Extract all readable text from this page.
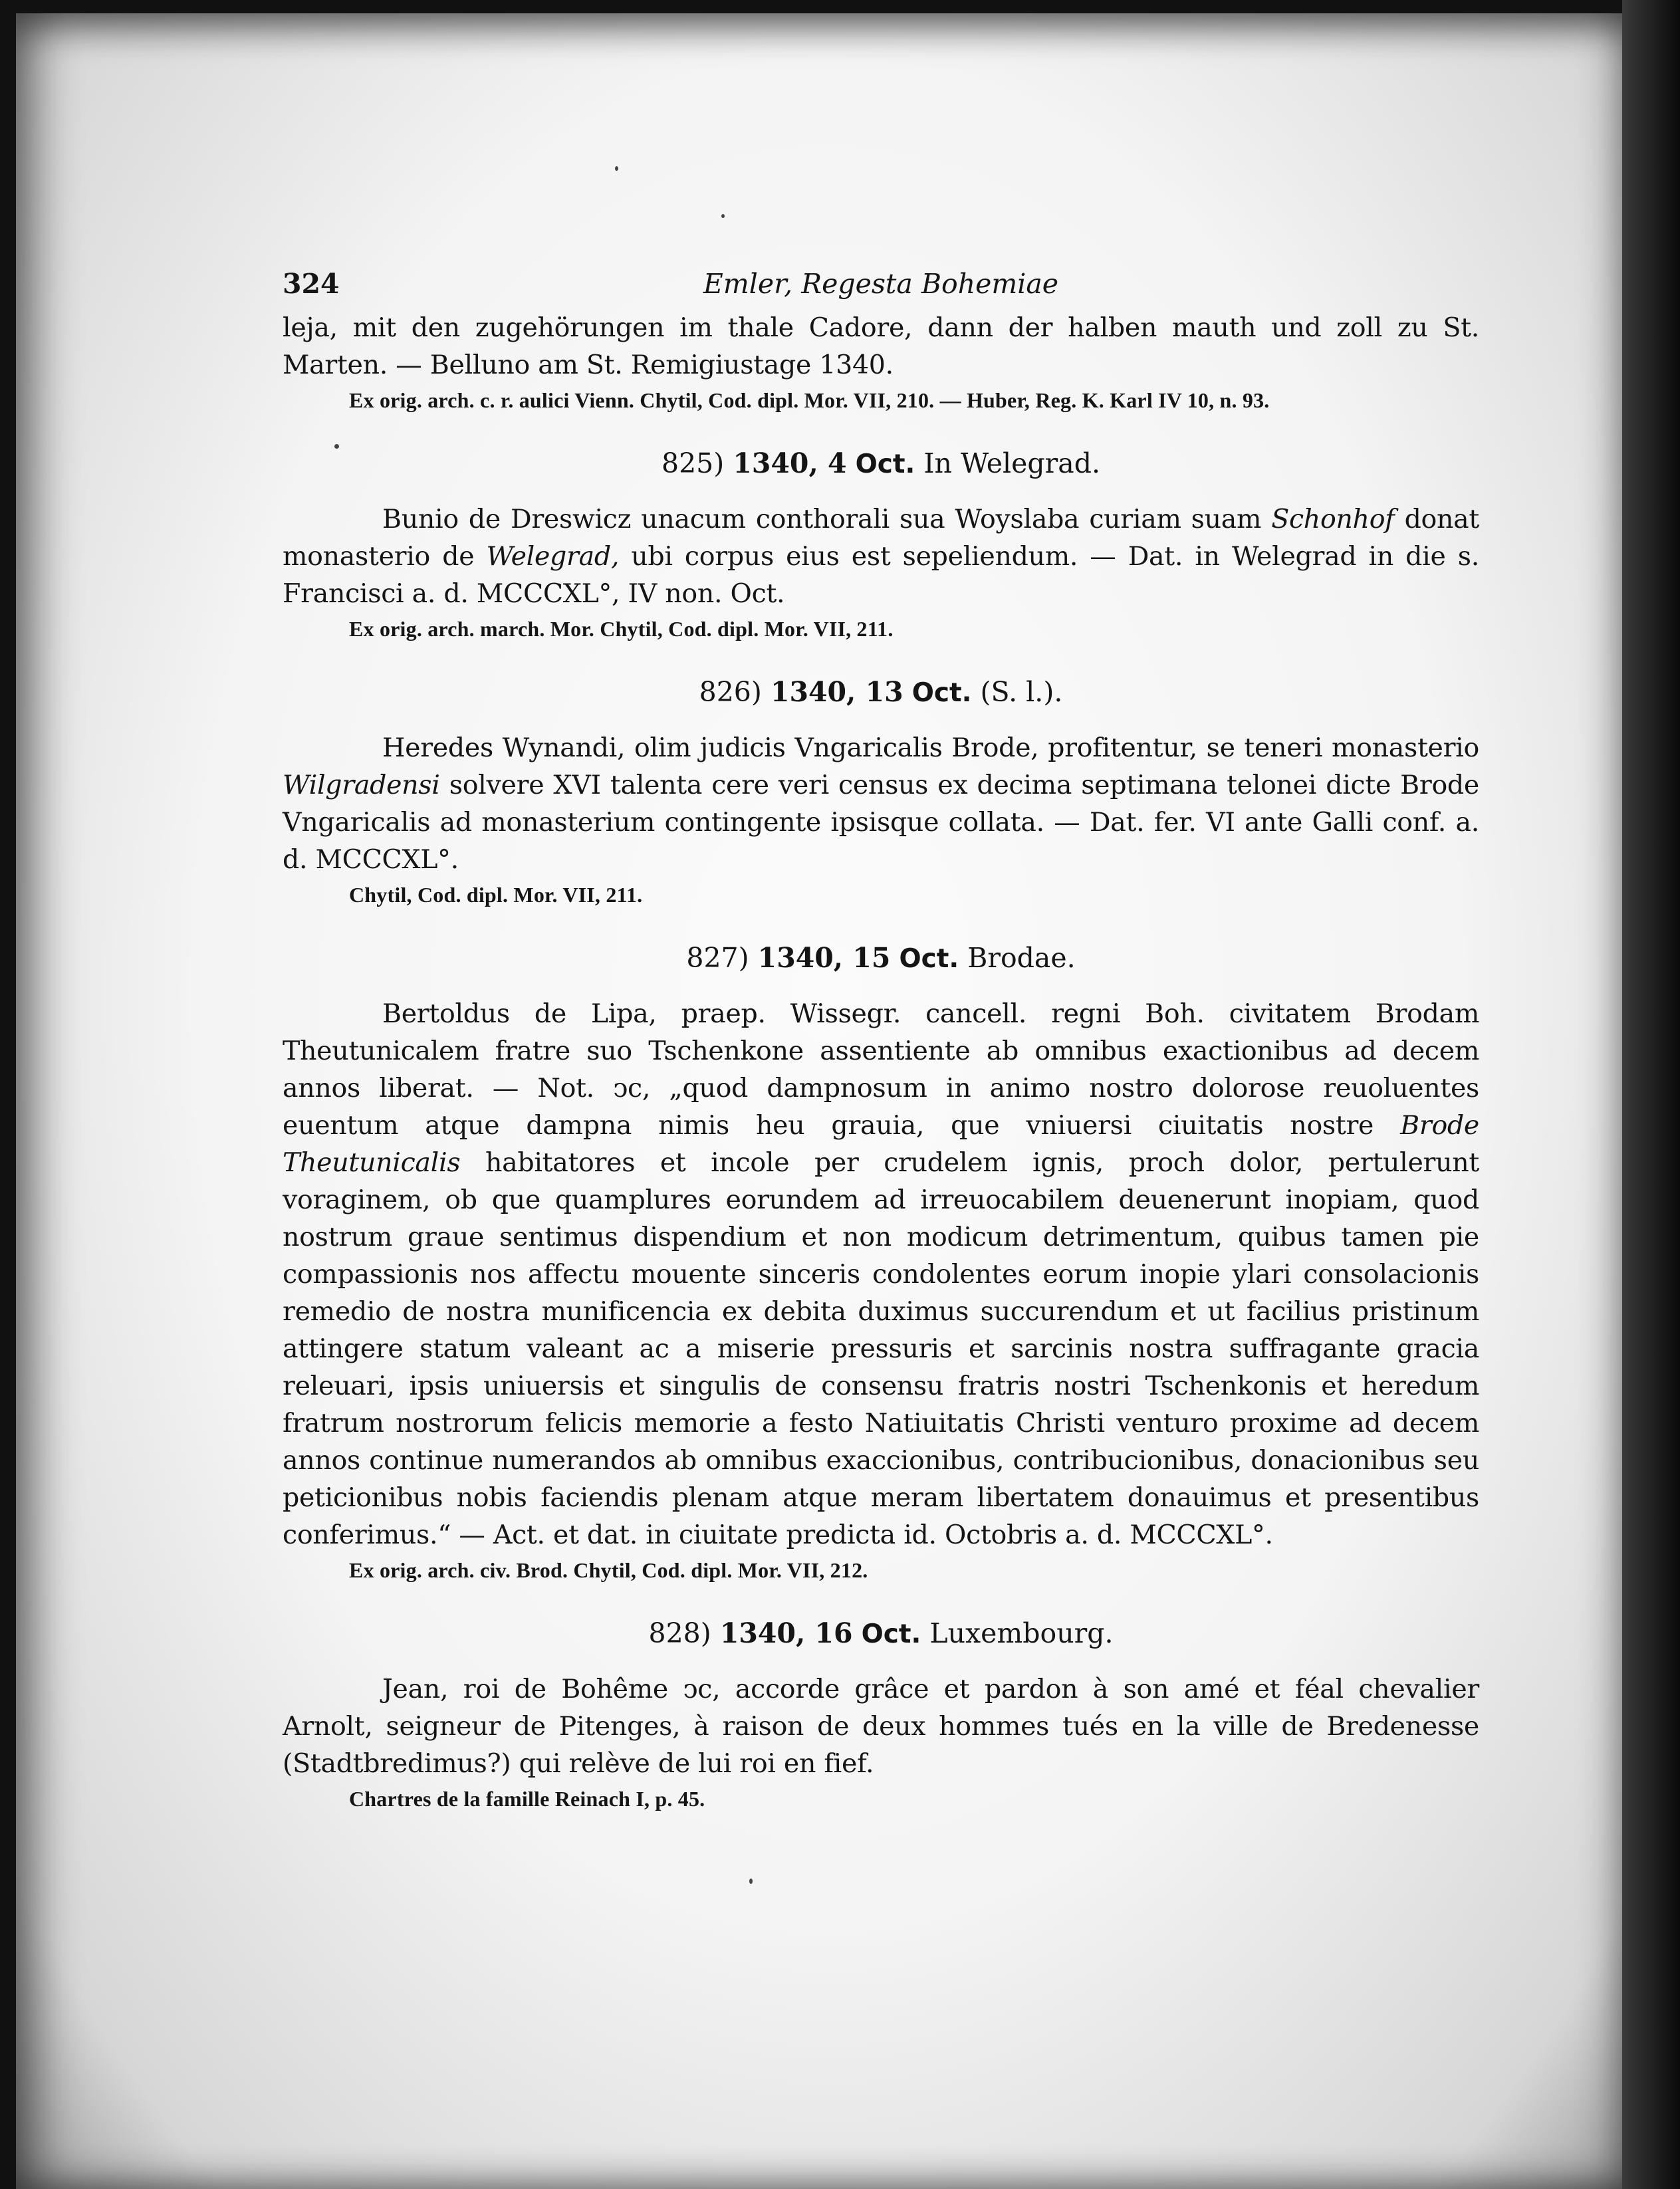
324	Emler, Regesta Bohemiae

leja, mit den zugehörungen im thale Cadore, dann der halben mauth und zoll zu St. Marten. — Belluno am St. Remigiustage 1340.

Ex orig. arch. c. r. aulici Vienn. Chytil, Cod. dipl. Mor. VII, 210. — Huber, Reg. K. Karl IV 10, n. 93.

825) 1340, 4 Oct. In Welegrad.

Bunio de Dreswicz unacum conthorali sua Woyslaba curiam suam Schonhof donat monasterio de Welegrad, ubi corpus eius est sepeliendum. — Dat. in Welegrad in die s. Francisci a. d. MCCCXL°, IV non. Oct.

Ex orig. arch. march. Mor. Chytil, Cod. dipl. Mor. VII, 211.

826) 1340, 13 Oct. (S. l.).

Heredes Wynandi, olim judicis Vngaricalis Brode, profitentur, se teneri monasterio Wilgradensi solvere XVI talenta cere veri census ex decima septimana telonei dicte Brode Vngaricalis ad monasterium contingente ipsisque collata. — Dat. fer. VI ante Galli conf. a. d. MCCCXL°.

Chytil, Cod. dipl. Mor. VII, 211.

827) 1340, 15 Oct. Brodae.

Bertoldus de Lipa, praep. Wissegr. cancell. regni Boh. civitatem Brodam Theutunicalem fratre suo Tschenkone assentiente ab omnibus exactionibus ad decem annos liberat. — Not. ↄc, „quod dampnosum in animo nostro dolorose reuoluentes euentum atque dampna nimis heu grauia, que vniuersi ciuitatis nostre Brode Theutunicalis habitatores et incole per crudelem ignis, proch dolor, pertulerunt voraginem, ob que quamplures eorundem ad irreuocabilem deuenerunt inopiam, quod nostrum graue sentimus dispendium et non modicum detrimentum, quibus tamen pie compassionis nos affectu mouente sinceris condolentes eorum inopie ylari consolacionis remedio de nostra munificencia ex debita duximus succurendum et ut facilius pristinum attingere statum valeant ac a miserie pressuris et sarcinis nostra suffragante gracia releuari, ipsis uniuersis et singulis de consensu fratris nostri Tschenkonis et heredum fratrum nostrorum felicis memorie a festo Natiuitatis Christi venturo proxime ad decem annos continue numerandos ab omnibus exaccionibus, contribucionibus, donacionibus seu peticionibus nobis faciendis plenam atque meram libertatem donauimus et presentibus conferimus.“ — Act. et dat. in ciuitate predicta id. Octobris a. d. MCCCXL°.

Ex orig. arch. civ. Brod. Chytil, Cod. dipl. Mor. VII, 212.

828) 1340, 16 Oct. Luxembourg.

Jean, roi de Bohême ↄc, accorde grâce et pardon à son amé et féal chevalier Arnolt, seigneur de Pitenges, à raison de deux hommes tués en la ville de Bredenesse (Stadtbredimus?) qui relève de lui roi en fief.

Chartres de la famille Reinach I, p. 45.
